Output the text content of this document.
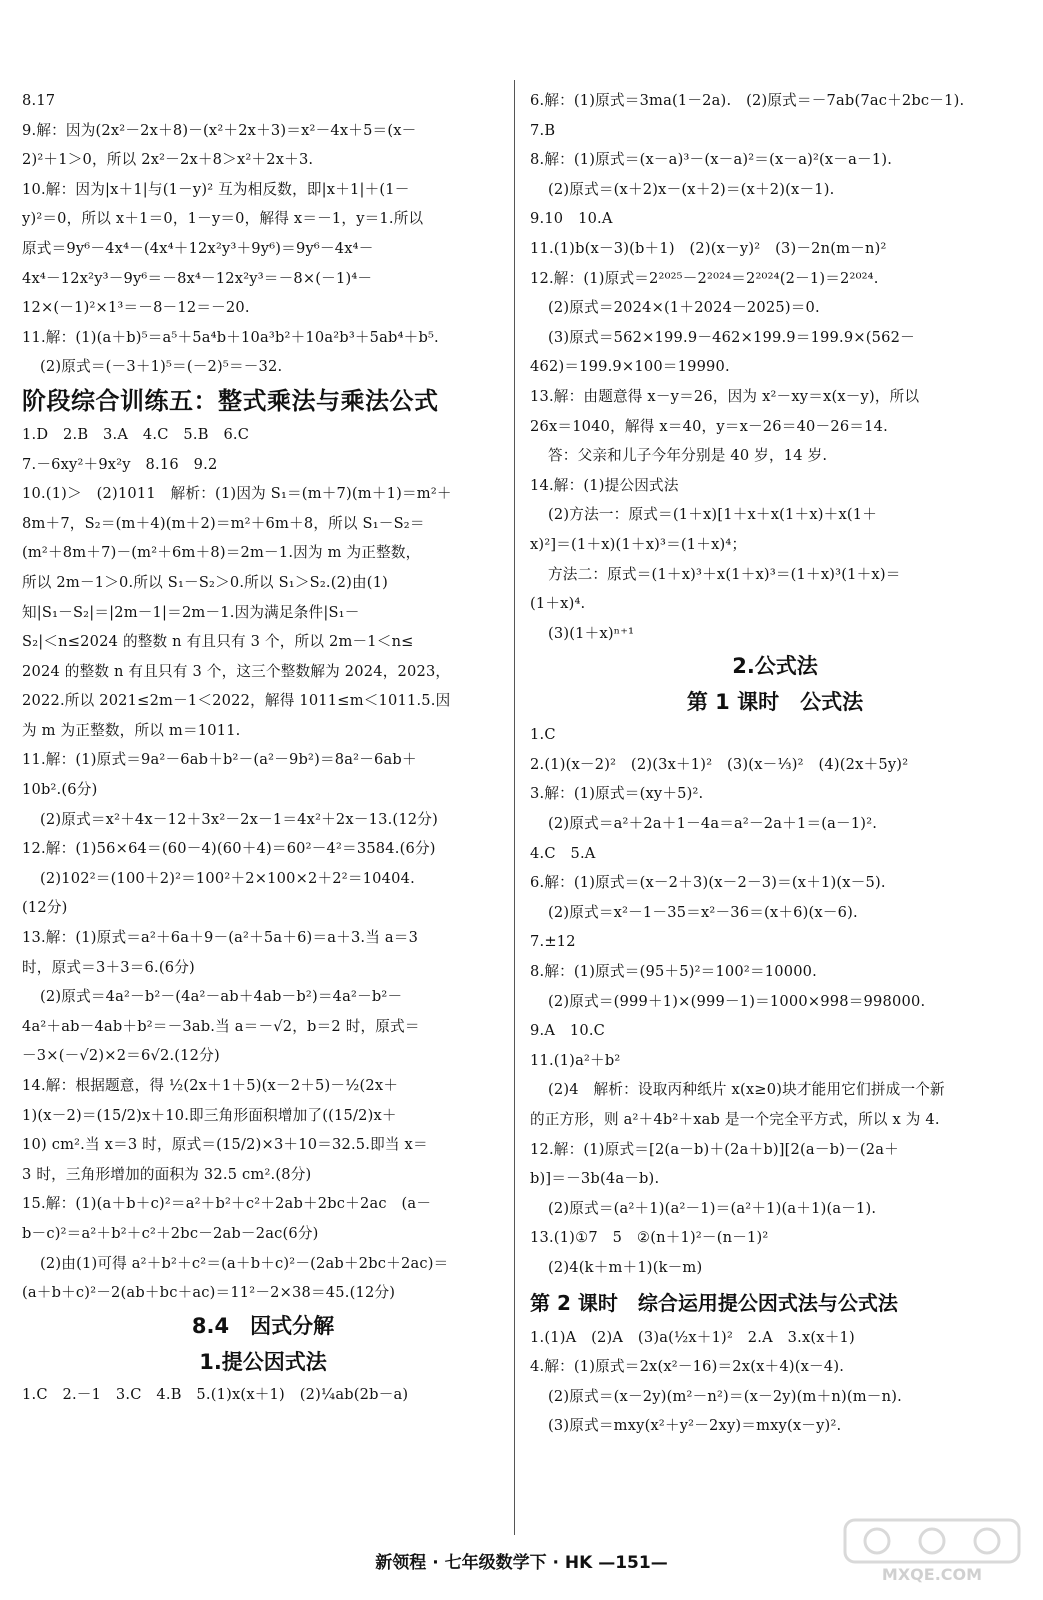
8.17
9.解：因为(2x²－2x＋8)－(x²＋2x＋3)＝x²－4x＋5＝(x－
2)²＋1＞0，所以 2x²－2x＋8＞x²＋2x＋3.
10.解：因为|x＋1|与(1－y)² 互为相反数，即|x＋1|＋(1－
y)²＝0，所以 x＋1＝0，1－y＝0，解得 x＝－1，y＝1.所以
原式＝9y⁶－4x⁴－(4x⁴＋12x²y³＋9y⁶)＝9y⁶－4x⁴－
4x⁴－12x²y³－9y⁶＝－8x⁴－12x²y³＝－8×(－1)⁴－
12×(－1)²×1³＝－8－12＝－20.
11.解：(1)(a＋b)⁵＝a⁵＋5a⁴b＋10a³b²＋10a²b³＋5ab⁴＋b⁵.
(2)原式＝(－3＋1)⁵＝(－2)⁵＝－32.
阶段综合训练五：整式乘法与乘法公式
1.D　2.B　3.A　4.C　5.B　6.C
7.－6xy²＋9x²y　8.16　9.2
10.(1)＞　(2)1011　解析：(1)因为 S₁＝(m＋7)(m＋1)＝m²＋
8m＋7，S₂＝(m＋4)(m＋2)＝m²＋6m＋8，所以 S₁－S₂＝
(m²＋8m＋7)－(m²＋6m＋8)＝2m－1.因为 m 为正整数，
所以 2m－1＞0.所以 S₁－S₂＞0.所以 S₁＞S₂.(2)由(1)
知|S₁－S₂|＝|2m－1|＝2m－1.因为满足条件|S₁－
S₂|＜n≤2024 的整数 n 有且只有 3 个，所以 2m－1＜n≤
2024 的整数 n 有且只有 3 个，这三个整数解为 2024，2023，
2022.所以 2021≤2m－1＜2022，解得 1011≤m＜1011.5.因
为 m 为正整数，所以 m＝1011.
11.解：(1)原式＝9a²－6ab＋b²－(a²－9b²)＝8a²－6ab＋
10b².(6分)
(2)原式＝x²＋4x－12＋3x²－2x－1＝4x²＋2x－13.(12分)
12.解：(1)56×64＝(60－4)(60＋4)＝60²－4²＝3584.(6分)
(2)102²＝(100＋2)²＝100²＋2×100×2＋2²＝10404.
(12分)
13.解：(1)原式＝a²＋6a＋9－(a²＋5a＋6)＝a＋3.当 a＝3
时，原式＝3＋3＝6.(6分)
(2)原式＝4a²－b²－(4a²－ab＋4ab－b²)＝4a²－b²－
4a²＋ab－4ab＋b²＝－3ab.当 a＝－√2，b＝2 时，原式＝
－3×(－√2)×2＝6√2.(12分)
14.解：根据题意，得 ½(2x＋1＋5)(x－2＋5)－½(2x＋
1)(x－2)＝(15/2)x＋10.即三角形面积增加了((15/2)x＋
10) cm².当 x＝3 时，原式＝(15/2)×3＋10＝32.5.即当 x＝
3 时，三角形增加的面积为 32.5 cm².(8分)
15.解：(1)(a＋b＋c)²＝a²＋b²＋c²＋2ab＋2bc＋2ac　(a－
b－c)²＝a²＋b²＋c²＋2bc－2ab－2ac(6分)
(2)由(1)可得 a²＋b²＋c²＝(a＋b＋c)²－(2ab＋2bc＋2ac)＝
(a＋b＋c)²－2(ab＋bc＋ac)＝11²－2×38＝45.(12分)
8.4　因式分解
1.提公因式法
1.C　2.－1　3.C　4.B　5.(1)x(x＋1)　(2)¼ab(2b－a)
6.解：(1)原式＝3ma(1－2a).　(2)原式＝－7ab(7ac＋2bc－1).
7.B
8.解：(1)原式＝(x－a)³－(x－a)²＝(x－a)²(x－a－1).
(2)原式＝(x＋2)x－(x＋2)＝(x＋2)(x－1).
9.10　10.A
11.(1)b(x－3)(b＋1)　(2)(x－y)²　(3)－2n(m－n)²
12.解：(1)原式＝2²⁰²⁵－2²⁰²⁴＝2²⁰²⁴(2－1)＝2²⁰²⁴.
(2)原式＝2024×(1＋2024－2025)＝0.
(3)原式＝562×199.9－462×199.9＝199.9×(562－
462)＝199.9×100＝19990.
13.解：由题意得 x－y＝26，因为 x²－xy＝x(x－y)，所以
26x＝1040，解得 x＝40，y＝x－26＝40－26＝14.
答：父亲和儿子今年分别是 40 岁，14 岁.
14.解：(1)提公因式法
(2)方法一：原式＝(1＋x)[1＋x＋x(1＋x)＋x(1＋
x)²]＝(1＋x)(1＋x)³＝(1＋x)⁴；
方法二：原式＝(1＋x)³＋x(1＋x)³＝(1＋x)³(1＋x)＝
(1＋x)⁴.
(3)(1＋x)ⁿ⁺¹
2.公式法
第 1 课时　公式法
1.C
2.(1)(x－2)²　(2)(3x＋1)²　(3)(x－⅓)²　(4)(2x＋5y)²
3.解：(1)原式＝(xy＋5)².
(2)原式＝a²＋2a＋1－4a＝a²－2a＋1＝(a－1)².
4.C　5.A
6.解：(1)原式＝(x－2＋3)(x－2－3)＝(x＋1)(x－5).
(2)原式＝x²－1－35＝x²－36＝(x＋6)(x－6).
7.±12
8.解：(1)原式＝(95＋5)²＝100²＝10000.
(2)原式＝(999＋1)×(999－1)＝1000×998＝998000.
9.A　10.C
11.(1)a²＋b²
(2)4　解析：设取丙种纸片 x(x≥0)块才能用它们拼成一个新
的正方形，则 a²＋4b²＋xab 是一个完全平方式，所以 x 为 4.
12.解：(1)原式＝[2(a－b)＋(2a＋b)][2(a－b)－(2a＋
b)]＝－3b(4a－b).
(2)原式＝(a²＋1)(a²－1)＝(a²＋1)(a＋1)(a－1).
13.(1)①7　5　②(n＋1)²－(n－1)²
(2)4(k＋m＋1)(k－m)
第 2 课时　综合运用提公因式法与公式法
1.(1)A　(2)A　(3)a(½x＋1)²　2.A　3.x(x＋1)
4.解：(1)原式＝2x(x²－16)＝2x(x＋4)(x－4).
(2)原式＝(x－2y)(m²－n²)＝(x－2y)(m＋n)(m－n).
(3)原式＝mxy(x²＋y²－2xy)＝mxy(x－y)².
新领程 · 七年级数学下 · HK —151—
MXQE.COM
